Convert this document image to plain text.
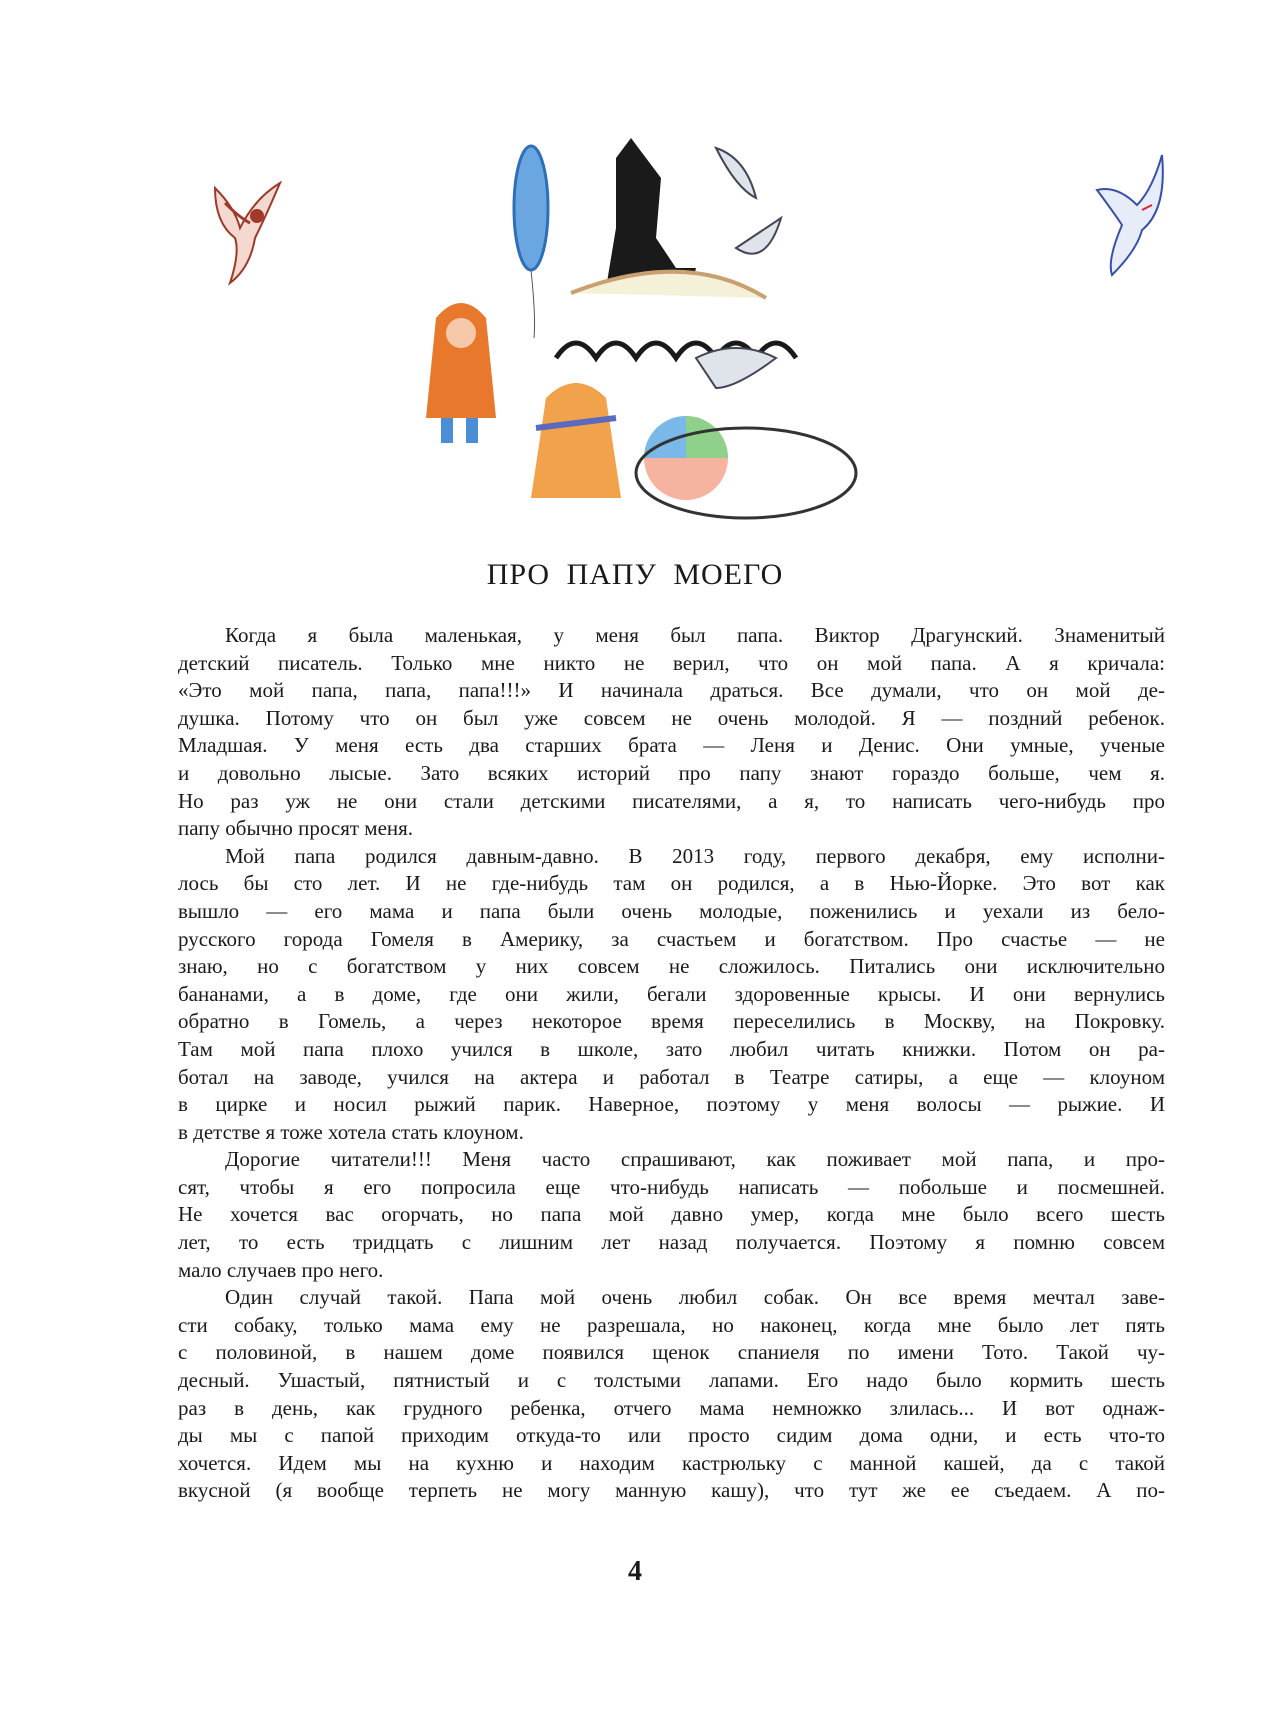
ПРО ПАПУ МОЕГО
Когда я была маленькая, у меня был папа. Виктор Драгунский. Знаменитый
детский писатель. Только мне никто не верил, что он мой папа. А я кричала:
«Это мой папа, папа, папа!!!» И начинала драться. Все думали, что он мой де-
душка. Потому что он был уже совсем не очень молодой. Я — поздний ребенок.
Младшая. У меня есть два старших брата — Леня и Денис. Они умные, ученые
и довольно лысые. Зато всяких историй про папу знают гораздо больше, чем я.
Но раз уж не они стали детскими писателями, а я, то написать чего-нибудь про
папу обычно просят меня.
Мой папа родился давным-давно. В 2013 году, первого декабря, ему исполни-
лось бы сто лет. И не где-нибудь там он родился, а в Нью-Йорке. Это вот как
вышло — его мама и папа были очень молодые, поженились и уехали из бело-
русского города Гомеля в Америку, за счастьем и богатством. Про счастье — не
знаю, но с богатством у них совсем не сложилось. Питались они исключительно
бананами, а в доме, где они жили, бегали здоровенные крысы. И они вернулись
обратно в Гомель, а через некоторое время переселились в Москву, на Покровку.
Там мой папа плохо учился в школе, зато любил читать книжки. Потом он ра-
ботал на заводе, учился на актера и работал в Театре сатиры, а еще — клоуном
в цирке и носил рыжий парик. Наверное, поэтому у меня волосы — рыжие. И
в детстве я тоже хотела стать клоуном.
Дорогие читатели!!! Меня часто спрашивают, как поживает мой папа, и про-
сят, чтобы я его попросила еще что-нибудь написать — побольше и посмешней.
Не хочется вас огорчать, но папа мой давно умер, когда мне было всего шесть
лет, то есть тридцать с лишним лет назад получается. Поэтому я помню совсем
мало случаев про него.
Один случай такой. Папа мой очень любил собак. Он все время мечтал заве-
сти собаку, только мама ему не разрешала, но наконец, когда мне было лет пять
с половиной, в нашем доме появился щенок спаниеля по имени Тото. Такой чу-
десный. Ушастый, пятнистый и с толстыми лапами. Его надо было кормить шесть
раз в день, как грудного ребенка, отчего мама немножко злилась... И вот однаж-
ды мы с папой приходим откуда-то или просто сидим дома одни, и есть что-то
хочется. Идем мы на кухню и находим кастрюльку с манной кашей, да с такой
вкусной (я вообще терпеть не могу манную кашу), что тут же ее съедаем. А по-
4
